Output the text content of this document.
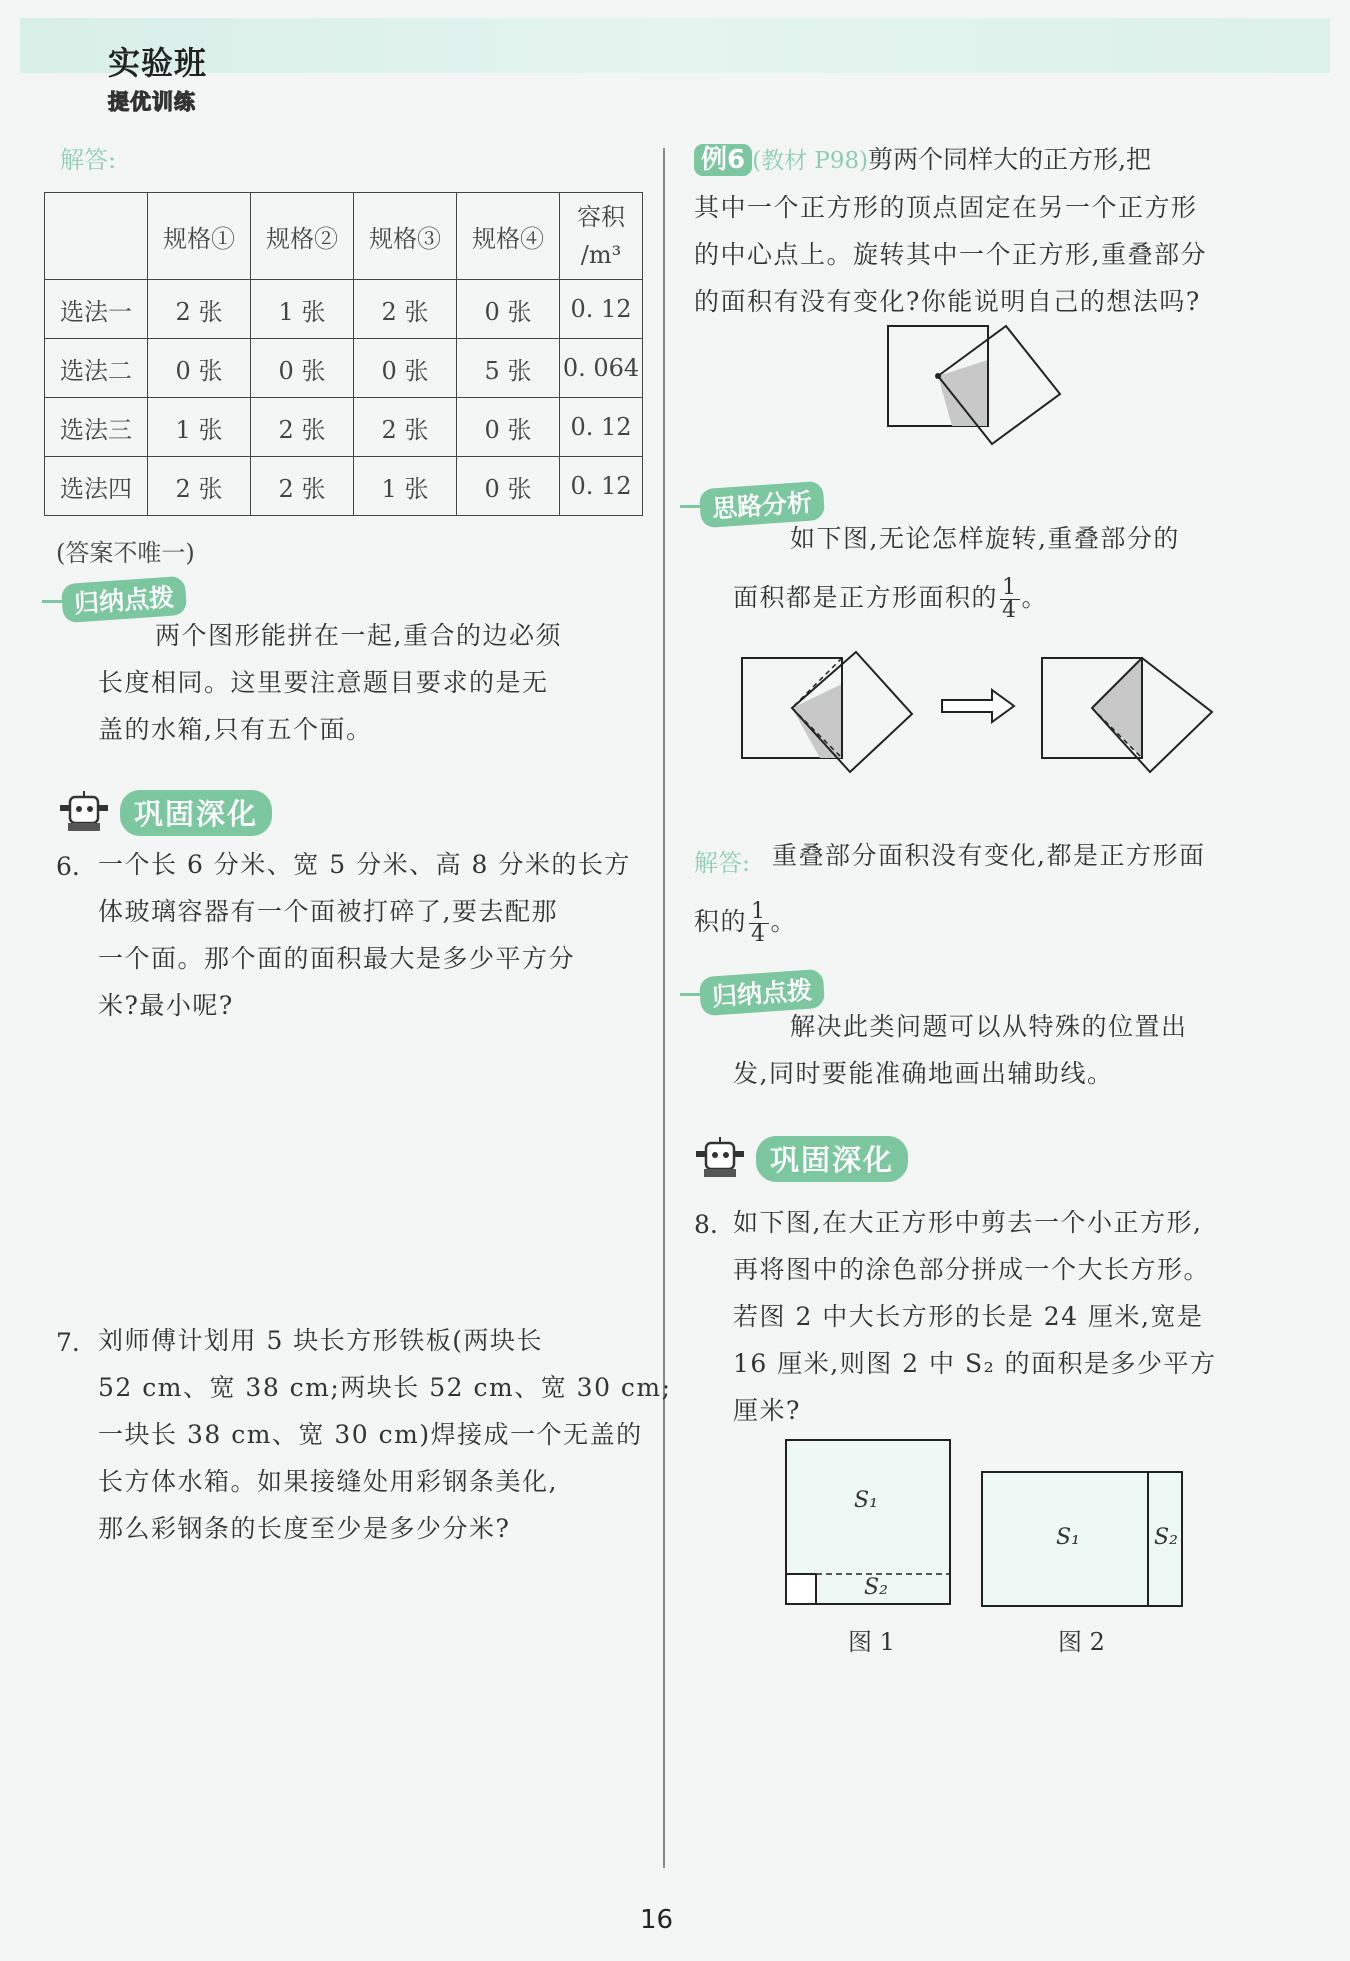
实验班
提优训练
解答:
	规格①	规格②	规格③	规格④	容积
/m³

选法一	2 张	1 张	2 张	0 张	0. 12
选法二	0 张	0 张	0 张	5 张	0. 064
选法三	1 张	2 张	2 张	0 张	0. 12
选法四	2 张	2 张	1 张	0 张	0. 12
(答案不唯一)
归纳点拨
两个图形能拼在一起,重合的边必须
长度相同。这里要注意题目要求的是无
盖的水箱,只有五个面。
巩固深化
6. 一个长 6 分米、宽 5 分米、高 8 分米的长方
体玻璃容器有一个面被打碎了,要去配那
一个面。那个面的面积最大是多少平方分
米?最小呢?
7. 刘师傅计划用 5 块长方形铁板(两块长
52 cm、宽 38 cm;两块长 52 cm、宽 30 cm;
一块长 38 cm、宽 30 cm)焊接成一个无盖的
长方体水箱。如果接缝处用彩钢条美化,
那么彩钢条的长度至少是多少分米?
例6 (教材 P98)剪两个同样大的正方形,把
其中一个正方形的顶点固定在另一个正方形
的中心点上。旋转其中一个正方形,重叠部分
的面积有没有变化?你能说明自己的想法吗?
思路分析
如下图,无论怎样旋转,重叠部分的
面积都是正方形面积的 $\frac{1}{4}$ 。
解答: 重叠部分面积没有变化,都是正方形面
积的 $\frac{1}{4}$ 。
归纳点拨
解决此类问题可以从特殊的位置出
发,同时要能准确地画出辅助线。
巩固深化
8. 如下图,在大正方形中剪去一个小正方形,
再将图中的涂色部分拼成一个大长方形。
若图 2 中大长方形的长是 24 厘米,宽是
16 厘米,则图 2 中 S₂ 的面积是多少平方
厘米?
S₁
S₂
图 1
S₁	S₂
图 2
16
